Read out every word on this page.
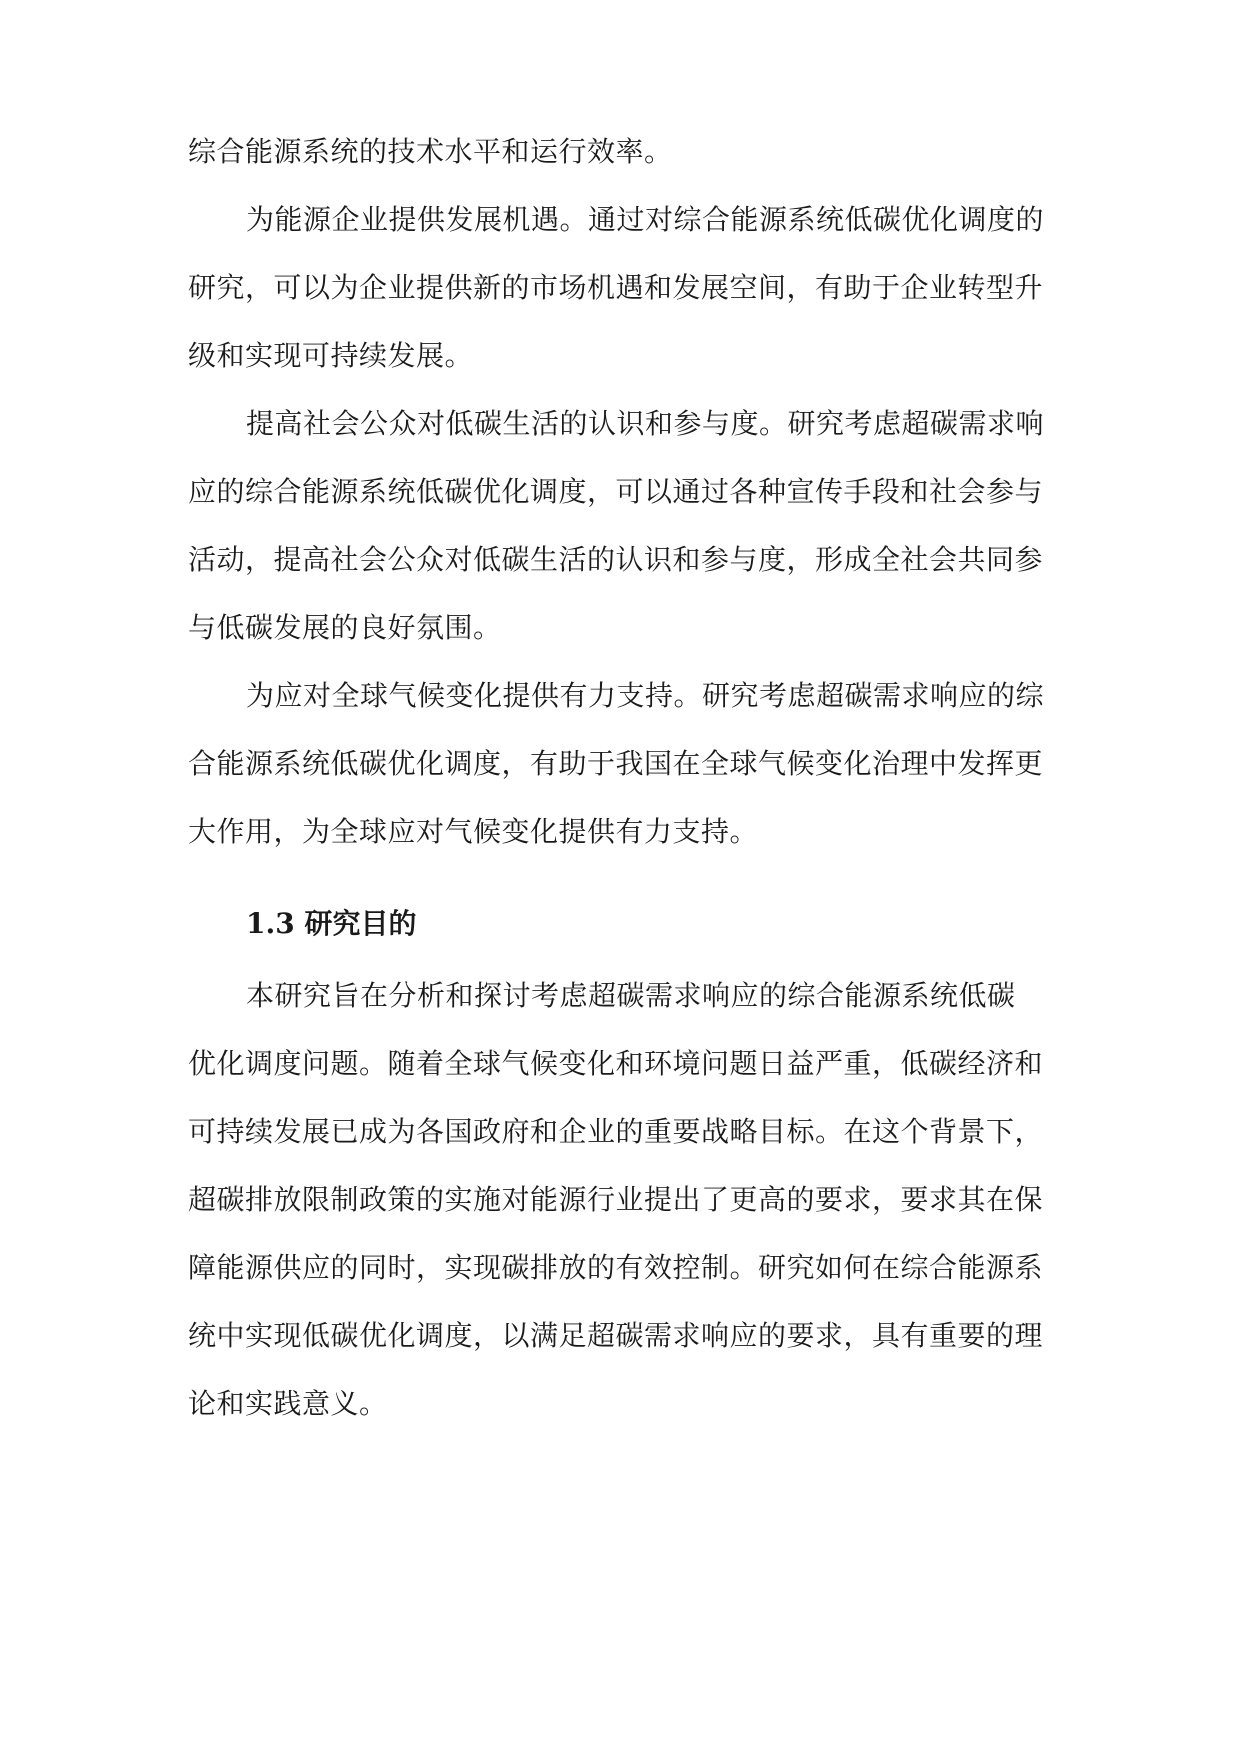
综合能源系统的技术水平和运行效率。
为能源企业提供发展机遇。通过对综合能源系统低碳优化调度的
研究，可以为企业提供新的市场机遇和发展空间，有助于企业转型升
级和实现可持续发展。
提高社会公众对低碳生活的认识和参与度。研究考虑超碳需求响
应的综合能源系统低碳优化调度，可以通过各种宣传手段和社会参与
活动，提高社会公众对低碳生活的认识和参与度，形成全社会共同参
与低碳发展的良好氛围。
为应对全球气候变化提供有力支持。研究考虑超碳需求响应的综
合能源系统低碳优化调度，有助于我国在全球气候变化治理中发挥更
大作用，为全球应对气候变化提供有力支持。
1.3 研究目的
本研究旨在分析和探讨考虑超碳需求响应的综合能源系统低碳
优化调度问题。随着全球气候变化和环境问题日益严重，低碳经济和
可持续发展已成为各国政府和企业的重要战略目标。在这个背景下，
超碳排放限制政策的实施对能源行业提出了更高的要求，要求其在保
障能源供应的同时，实现碳排放的有效控制。研究如何在综合能源系
统中实现低碳优化调度，以满足超碳需求响应的要求，具有重要的理
论和实践意义。
